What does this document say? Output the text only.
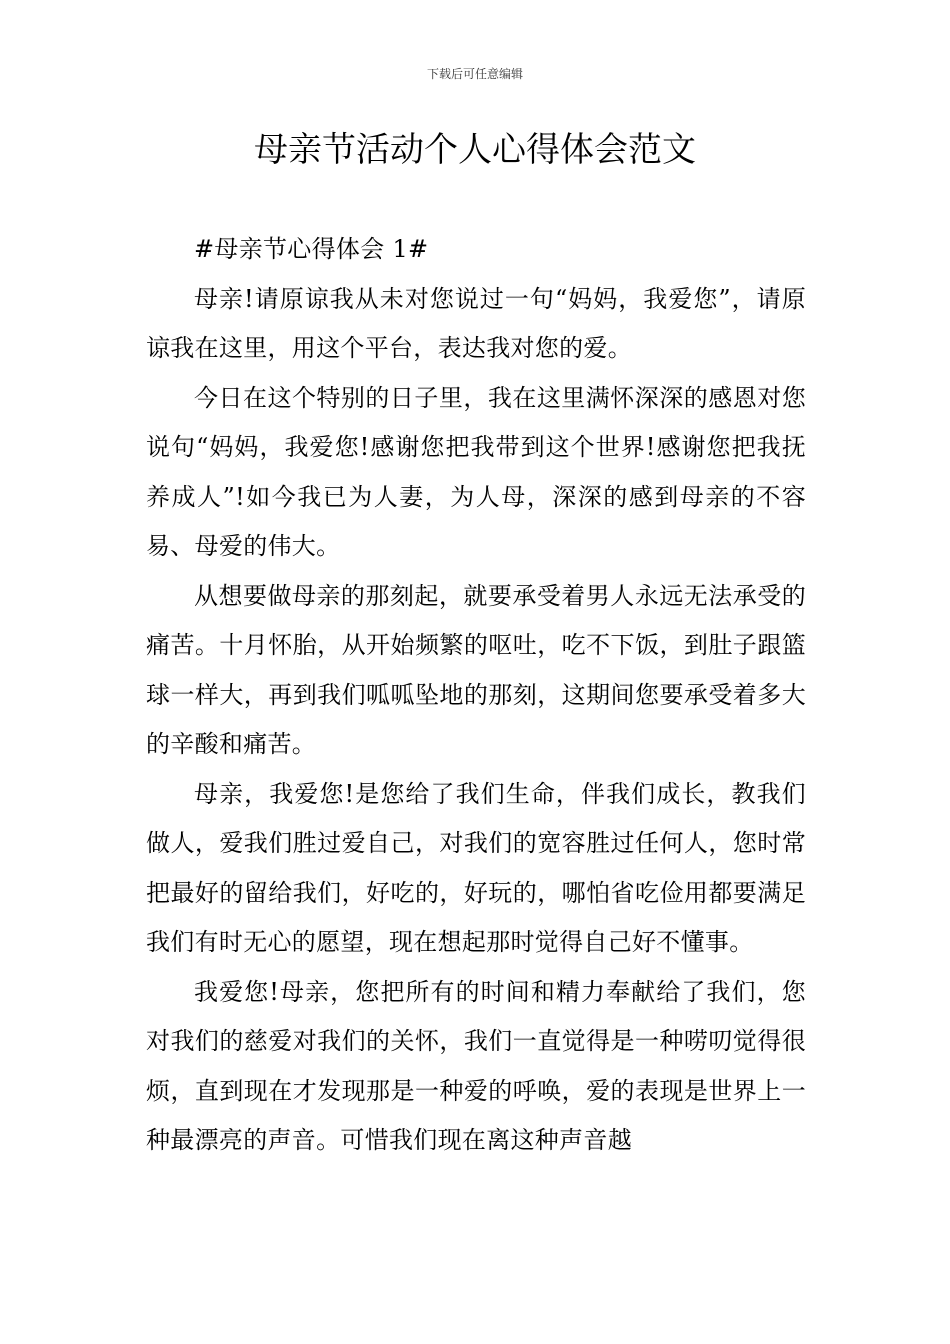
下载后可任意编辑
母亲节活动个人心得体会范文

#母亲节心得体会 1#

母亲!请原谅我从未对您说过一句“妈妈，我爱您”，请原谅我在这里，用这个平台，表达我对您的爱。

今日在这个特别的日子里，我在这里满怀深深的感恩对您说句“妈妈，我爱您!感谢您把我带到这个世界!感谢您把我抚养成人”!如今我已为人妻，为人母，深深的感到母亲的不容易、母爱的伟大。

从想要做母亲的那刻起，就要承受着男人永远无法承受的痛苦。十月怀胎，从开始频繁的呕吐，吃不下饭，到肚子跟篮球一样大，再到我们呱呱坠地的那刻，这期间您要承受着多大的辛酸和痛苦。

母亲，我爱您!是您给了我们生命，伴我们成长，教我们做人，爱我们胜过爱自己，对我们的宽容胜过任何人，您时常把最好的留给我们，好吃的，好玩的，哪怕省吃俭用都要满足我们有时无心的愿望，现在想起那时觉得自己好不懂事。

我爱您!母亲，您把所有的时间和精力奉献给了我们，您对我们的慈爱对我们的关怀，我们一直觉得是一种唠叨觉得很烦，直到现在才发现那是一种爱的呼唤，爱的表现是世界上一种最漂亮的声音。可惜我们现在离这种声音越
